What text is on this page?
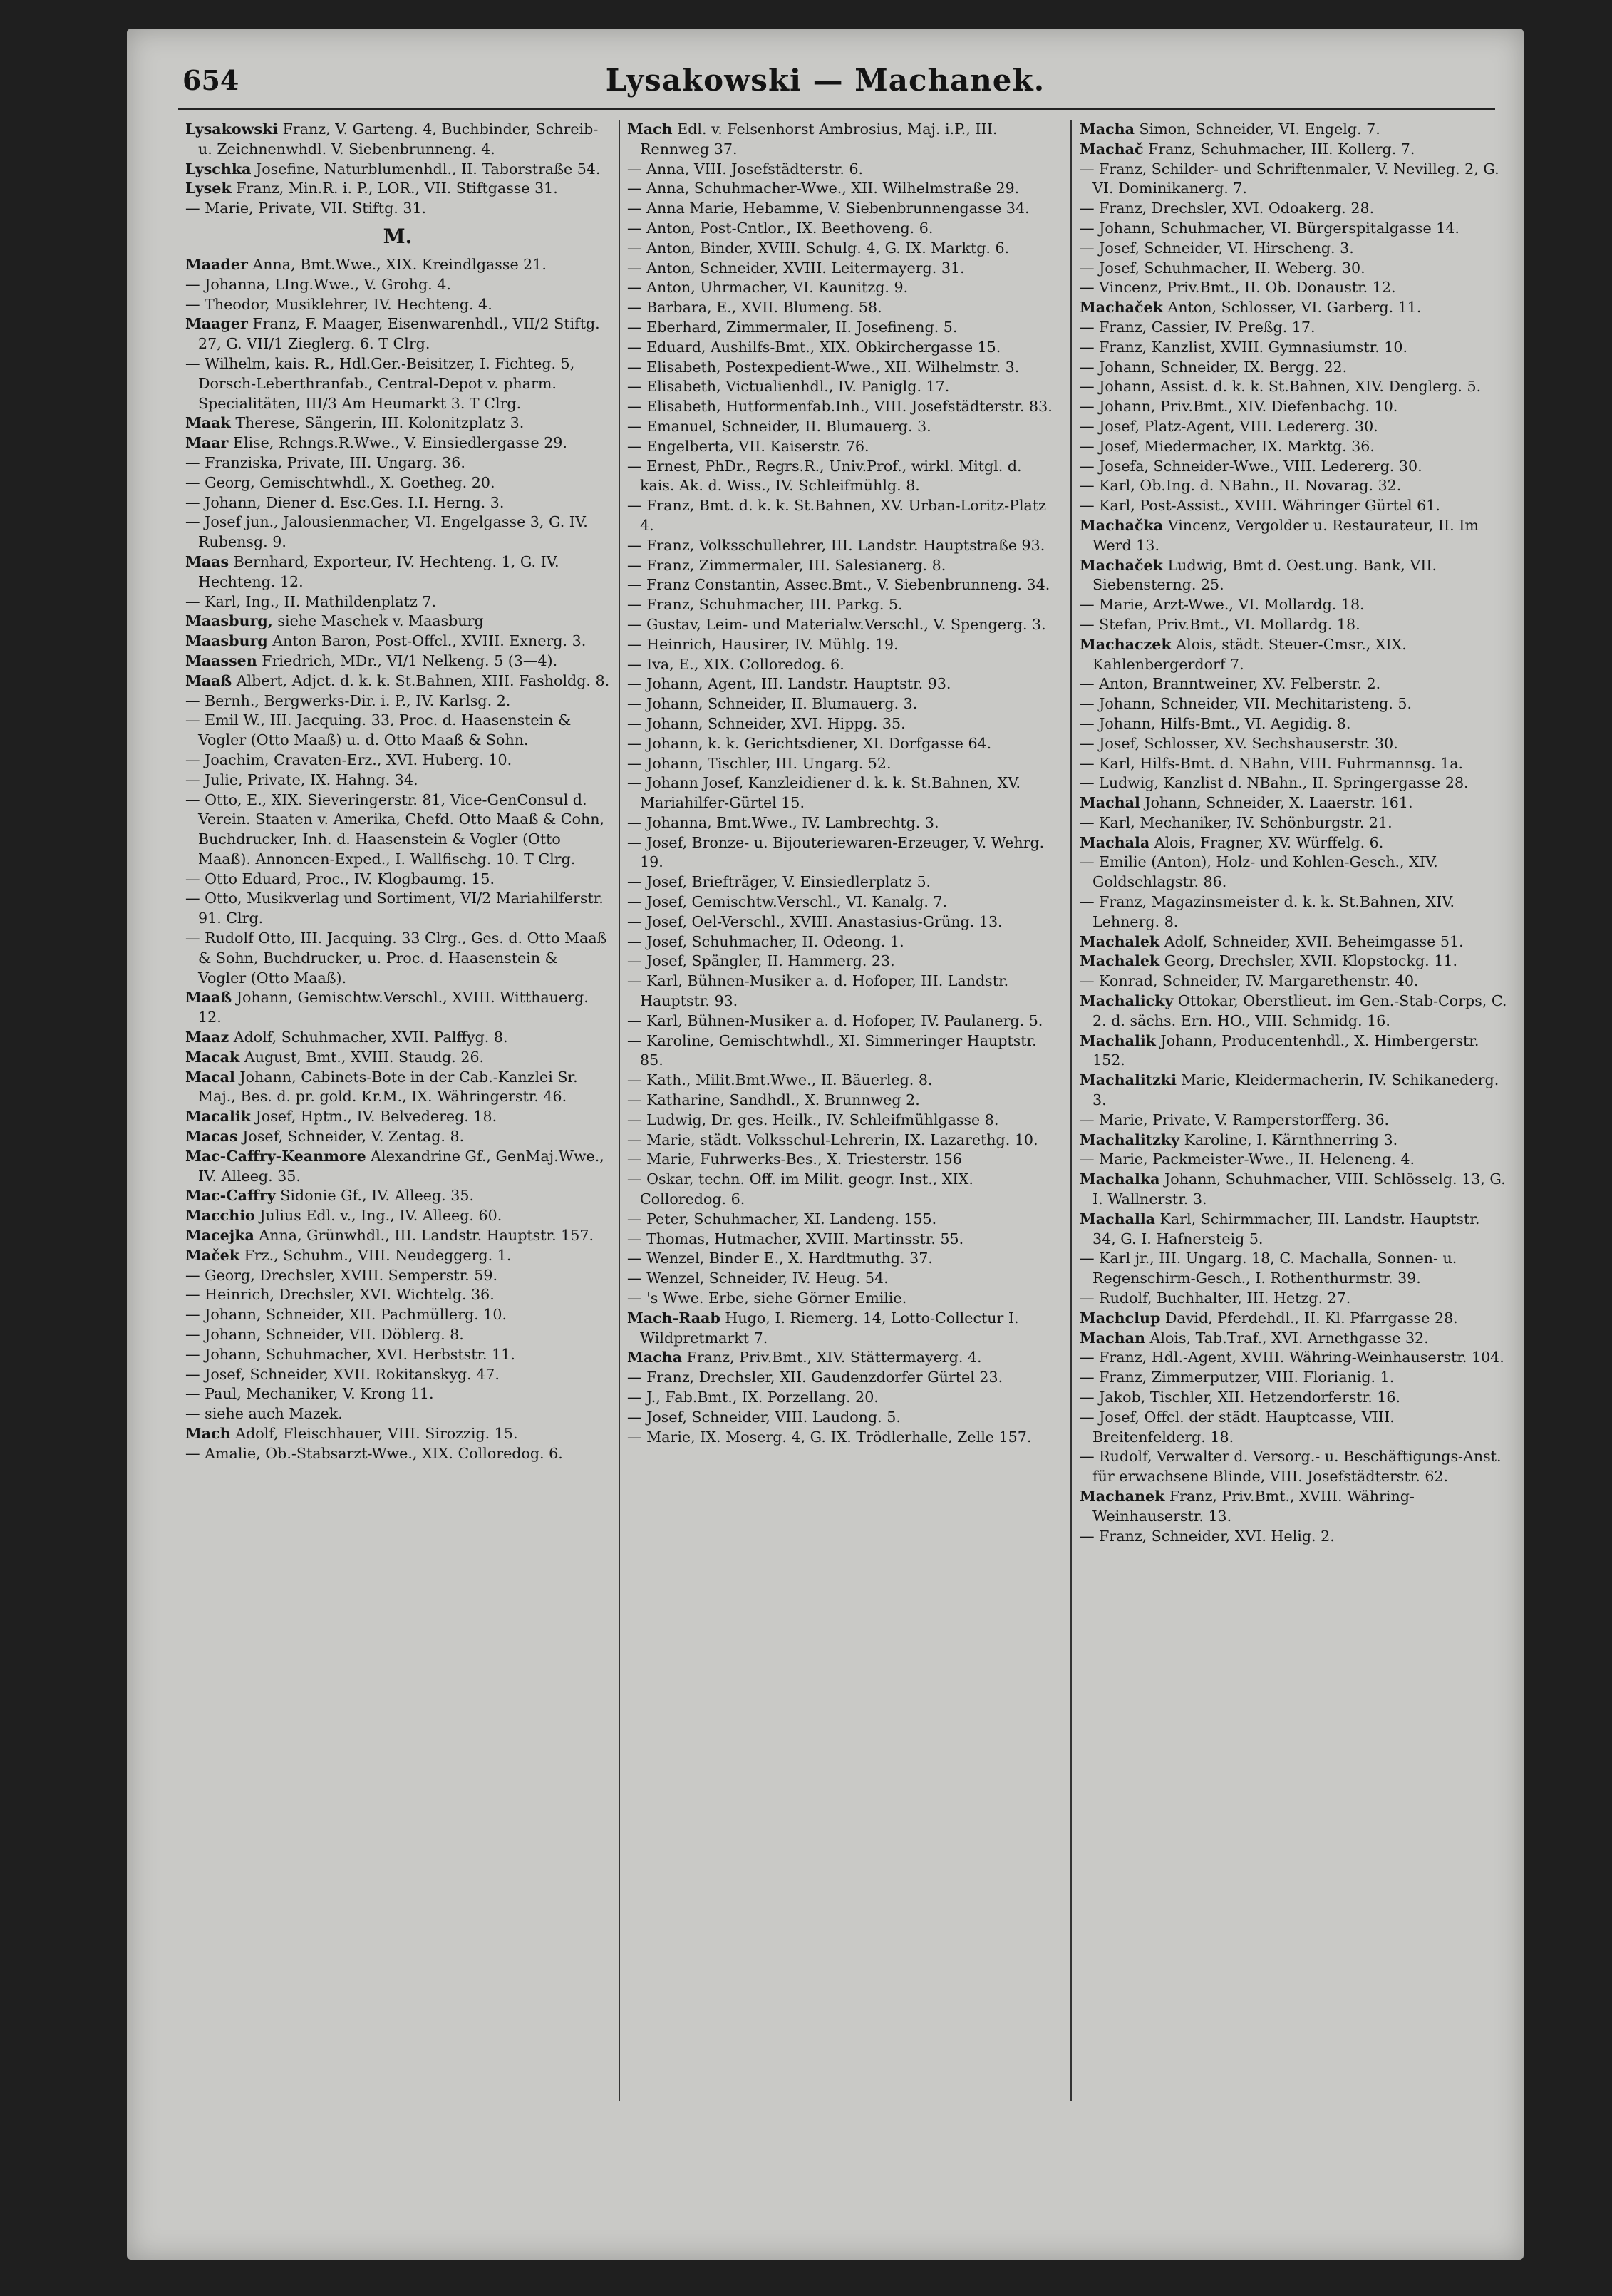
654	Lysakowski — Machanek.

Lysakowski Franz, V. Garteng. 4, Buchbinder, Schreib- u. Zeichnenwhdl. V. Siebenbrunneng. 4.

Lyschka Josefine, Naturblumenhdl., II. Taborstraße 54.

Lysek Franz, Min.R. i. P., LOR., VII. Stiftgasse 31.

— Marie, Private, VII. Stiftg. 31.

M.

Maader Anna, Bmt.Wwe., XIX. Kreindlgasse 21.

— Johanna, LIng.Wwe., V. Grohg. 4.

— Theodor, Musiklehrer, IV. Hechteng. 4.

Maager Franz, F. Maager, Eisenwarenhdl., VII/2 Stiftg. 27, G. VII/1 Zieglerg. 6. T Clrg.

— Wilhelm, kais. R., Hdl.Ger.-Beisitzer, I. Fichteg. 5, Dorsch-Leberthranfab., Central-Depot v. pharm. Specialitäten, III/3 Am Heumarkt 3. T Clrg.

Maak Therese, Sängerin, III. Kolonitzplatz 3.

Maar Elise, Rchngs.R.Wwe., V. Einsiedlergasse 29.

— Franziska, Private, III. Ungarg. 36.

— Georg, Gemischtwhdl., X. Goetheg. 20.

— Johann, Diener d. Esc.Ges. I.I. Herng. 3.

— Josef jun., Jalousienmacher, VI. Engelgasse 3, G. IV. Rubensg. 9.

Maas Bernhard, Exporteur, IV. Hechteng. 1, G. IV. Hechteng. 12.

— Karl, Ing., II. Mathildenplatz 7.

Maasburg, siehe Maschek v. Maasburg

Maasburg Anton Baron, Post-Offcl., XVIII. Exnerg. 3.

Maassen Friedrich, MDr., VI/1 Nelkeng. 5 (3—4).

Maaß Albert, Adjct. d. k. k. St.Bahnen, XIII. Fasholdg. 8.

— Bernh., Bergwerks-Dir. i. P., IV. Karlsg. 2.

— Emil W., III. Jacquing. 33, Proc. d. Haasenstein & Vogler (Otto Maaß) u. d. Otto Maaß & Sohn.

— Joachim, Cravaten-Erz., XVI. Huberg. 10.

— Julie, Private, IX. Hahng. 34.

— Otto, E., XIX. Sieveringerstr. 81, Vice-GenConsul d. Verein. Staaten v. Amerika, Chefd. Otto Maaß & Cohn, Buchdrucker, Inh. d. Haasenstein & Vogler (Otto Maaß). Annoncen-Exped., I. Wallfischg. 10. T Clrg.

— Otto Eduard, Proc., IV. Klogbaumg. 15.

— Otto, Musikverlag und Sortiment, VI/2 Mariahilferstr. 91. Clrg.

— Rudolf Otto, III. Jacquing. 33 Clrg., Ges. d. Otto Maaß & Sohn, Buchdrucker, u. Proc. d. Haasenstein & Vogler (Otto Maaß).

Maaß Johann, Gemischtw.Verschl., XVIII. Witthauerg. 12.

Maaz Adolf, Schuhmacher, XVII. Palffyg. 8.

Macak August, Bmt., XVIII. Staudg. 26.

Macal Johann, Cabinets-Bote in der Cab.-Kanzlei Sr. Maj., Bes. d. pr. gold. Kr.M., IX. Währingerstr. 46.

Macalik Josef, Hptm., IV. Belvedereg. 18.

Macas Josef, Schneider, V. Zentag. 8.

Mac-Caffry-Keanmore Alexandrine Gf., GenMaj.Wwe., IV. Alleeg. 35.

Mac-Caffry Sidonie Gf., IV. Alleeg. 35.

Macchio Julius Edl. v., Ing., IV. Alleeg. 60.

Macejka Anna, Grünwhdl., III. Landstr. Hauptstr. 157.

Maček Frz., Schuhm., VIII. Neudeggerg. 1.

— Georg, Drechsler, XVIII. Semperstr. 59.

— Heinrich, Drechsler, XVI. Wichtelg. 36.

— Johann, Schneider, XII. Pachmüllerg. 10.

— Johann, Schneider, VII. Döblerg. 8.

— Johann, Schuhmacher, XVI. Herbststr. 11.

— Josef, Schneider, XVII. Rokitanskyg. 47.

— Paul, Mechaniker, V. Krong 11.

— siehe auch Mazek.

Mach Adolf, Fleischhauer, VIII. Sirozzig. 15.

— Amalie, Ob.-Stabsarzt-Wwe., XIX. Colloredog. 6.

Mach Edl. v. Felsenhorst Ambrosius, Maj. i.P., III. Rennweg 37.

— Anna, VIII. Josefstädterstr. 6.

— Anna, Schuhmacher-Wwe., XII. Wilhelmstraße 29.

— Anna Marie, Hebamme, V. Siebenbrunnengasse 34.

— Anton, Post-Cntlor., IX. Beethoveng. 6.

— Anton, Binder, XVIII. Schulg. 4, G. IX. Marktg. 6.

— Anton, Schneider, XVIII. Leitermayerg. 31.

— Anton, Uhrmacher, VI. Kaunitzg. 9.

— Barbara, E., XVII. Blumeng. 58.

— Eberhard, Zimmermaler, II. Josefineng. 5.

— Eduard, Aushilfs-Bmt., XIX. Obkirchergasse 15.

— Elisabeth, Postexpedient-Wwe., XII. Wilhelmstr. 3.

— Elisabeth, Victualienhdl., IV. Paniglg. 17.

— Elisabeth, Hutformenfab.Inh., VIII. Josefstädterstr. 83.

— Emanuel, Schneider, II. Blumauerg. 3.

— Engelberta, VII. Kaiserstr. 76.

— Ernest, PhDr., Regrs.R., Univ.Prof., wirkl. Mitgl. d. kais. Ak. d. Wiss., IV. Schleifmühlg. 8.

— Franz, Bmt. d. k. k. St.Bahnen, XV. Urban-Loritz-Platz 4.

— Franz, Volksschullehrer, III. Landstr. Hauptstraße 93.

— Franz, Zimmermaler, III. Salesianerg. 8.

— Franz Constantin, Assec.Bmt., V. Siebenbrunneng. 34.

— Franz, Schuhmacher, III. Parkg. 5.

— Gustav, Leim- und Materialw.Verschl., V. Spengerg. 3.

— Heinrich, Hausirer, IV. Mühlg. 19.

— Iva, E., XIX. Colloredog. 6.

— Johann, Agent, III. Landstr. Hauptstr. 93.

— Johann, Schneider, II. Blumauerg. 3.

— Johann, Schneider, XVI. Hippg. 35.

— Johann, k. k. Gerichtsdiener, XI. Dorfgasse 64.

— Johann, Tischler, III. Ungarg. 52.

— Johann Josef, Kanzleidiener d. k. k. St.Bahnen, XV. Mariahilfer-Gürtel 15.

— Johanna, Bmt.Wwe., IV. Lambrechtg. 3.

— Josef, Bronze- u. Bijouteriewaren-Erzeuger, V. Wehrg. 19.

— Josef, Briefträger, V. Einsiedlerplatz 5.

— Josef, Gemischtw.Verschl., VI. Kanalg. 7.

— Josef, Oel-Verschl., XVIII. Anastasius-Grüng. 13.

— Josef, Schuhmacher, II. Odeong. 1.

— Josef, Spängler, II. Hammerg. 23.

— Karl, Bühnen-Musiker a. d. Hofoper, III. Landstr. Hauptstr. 93.

— Karl, Bühnen-Musiker a. d. Hofoper, IV. Paulanerg. 5.

— Karoline, Gemischtwhdl., XI. Simmeringer Hauptstr. 85.

— Kath., Milit.Bmt.Wwe., II. Bäuerleg. 8.

— Katharine, Sandhdl., X. Brunnweg 2.

— Ludwig, Dr. ges. Heilk., IV. Schleifmühlgasse 8.

— Marie, städt. Volksschul-Lehrerin, IX. Lazarethg. 10.

— Marie, Fuhrwerks-Bes., X. Triesterstr. 156

— Oskar, techn. Off. im Milit. geogr. Inst., XIX. Colloredog. 6.

— Peter, Schuhmacher, XI. Landeng. 155.

— Thomas, Hutmacher, XVIII. Martinsstr. 55.

— Wenzel, Binder E., X. Hardtmuthg. 37.

— Wenzel, Schneider, IV. Heug. 54.

— 's Wwe. Erbe, siehe Görner Emilie.

Mach-Raab Hugo, I. Riemerg. 14, Lotto-Collectur I. Wildpretmarkt 7.

Macha Franz, Priv.Bmt., XIV. Stättermayerg. 4.

— Franz, Drechsler, XII. Gaudenzdorfer Gürtel 23.

— J., Fab.Bmt., IX. Porzellang. 20.

— Josef, Schneider, VIII. Laudong. 5.

— Marie, IX. Moserg. 4, G. IX. Trödlerhalle, Zelle 157.

Macha Simon, Schneider, VI. Engelg. 7.

Machač Franz, Schuhmacher, III. Kollerg. 7.

— Franz, Schilder- und Schriftenmaler, V. Nevilleg. 2, G. VI. Dominikanerg. 7.

— Franz, Drechsler, XVI. Odoakerg. 28.

— Johann, Schuhmacher, VI. Bürgerspitalgasse 14.

— Josef, Schneider, VI. Hirscheng. 3.

— Josef, Schuhmacher, II. Weberg. 30.

— Vincenz, Priv.Bmt., II. Ob. Donaustr. 12.

Machaček Anton, Schlosser, VI. Garberg. 11.

— Franz, Cassier, IV. Preßg. 17.

— Franz, Kanzlist, XVIII. Gymnasiumstr. 10.

— Johann, Schneider, IX. Bergg. 22.

— Johann, Assist. d. k. k. St.Bahnen, XIV. Denglerg. 5.

— Johann, Priv.Bmt., XIV. Diefenbachg. 10.

— Josef, Platz-Agent, VIII. Ledererg. 30.

— Josef, Miedermacher, IX. Marktg. 36.

— Josefa, Schneider-Wwe., VIII. Ledererg. 30.

— Karl, Ob.Ing. d. NBahn., II. Novarag. 32.

— Karl, Post-Assist., XVIII. Währinger Gürtel 61.

Machačka Vincenz, Vergolder u. Restaurateur, II. Im Werd 13.

Machaček Ludwig, Bmt d. Oest.ung. Bank, VII. Siebensterng. 25.

— Marie, Arzt-Wwe., VI. Mollardg. 18.

— Stefan, Priv.Bmt., VI. Mollardg. 18.

Machaczek Alois, städt. Steuer-Cmsr., XIX. Kahlenbergerdorf 7.

— Anton, Branntweiner, XV. Felberstr. 2.

— Johann, Schneider, VII. Mechitaristeng. 5.

— Johann, Hilfs-Bmt., VI. Aegidig. 8.

— Josef, Schlosser, XV. Sechshauserstr. 30.

— Karl, Hilfs-Bmt. d. NBahn, VIII. Fuhrmannsg. 1a.

— Ludwig, Kanzlist d. NBahn., II. Springergasse 28.

Machal Johann, Schneider, X. Laaerstr. 161.

— Karl, Mechaniker, IV. Schönburgstr. 21.

Machala Alois, Fragner, XV. Würffelg. 6.

— Emilie (Anton), Holz- und Kohlen-Gesch., XIV. Goldschlagstr. 86.

— Franz, Magazinsmeister d. k. k. St.Bahnen, XIV. Lehnerg. 8.

Machalek Adolf, Schneider, XVII. Beheimgasse 51.

Machalek Georg, Drechsler, XVII. Klopstockg. 11.

— Konrad, Schneider, IV. Margarethenstr. 40.

Machalicky Ottokar, Oberstlieut. im Gen.-Stab-Corps, C. 2. d. sächs. Ern. HO., VIII. Schmidg. 16.

Machalik Johann, Producentenhdl., X. Himbergerstr. 152.

Machalitzki Marie, Kleidermacherin, IV. Schikanederg. 3.

— Marie, Private, V. Ramperstorfferg. 36.

Machalitzky Karoline, I. Kärnthnerring 3.

— Marie, Packmeister-Wwe., II. Heleneng. 4.

Machalka Johann, Schuhmacher, VIII. Schlösselg. 13, G. I. Wallnerstr. 3.

Machalla Karl, Schirmmacher, III. Landstr. Hauptstr. 34, G. I. Hafnersteig 5.

— Karl jr., III. Ungarg. 18, C. Machalla, Sonnen- u. Regenschirm-Gesch., I. Rothenthurmstr. 39.

— Rudolf, Buchhalter, III. Hetzg. 27.

Machclup David, Pferdehdl., II. Kl. Pfarrgasse 28.

Machan Alois, Tab.Traf., XVI. Arnethgasse 32.

— Franz, Hdl.-Agent, XVIII. Währing-Weinhauserstr. 104.

— Franz, Zimmerputzer, VIII. Florianig. 1.

— Jakob, Tischler, XII. Hetzendorferstr. 16.

— Josef, Offcl. der städt. Hauptcasse, VIII. Breitenfelderg. 18.

— Rudolf, Verwalter d. Versorg.- u. Beschäftigungs-Anst. für erwachsene Blinde, VIII. Josefstädterstr. 62.

Machanek Franz, Priv.Bmt., XVIII. Währing-Weinhauserstr. 13.

— Franz, Schneider, XVI. Helig. 2.
